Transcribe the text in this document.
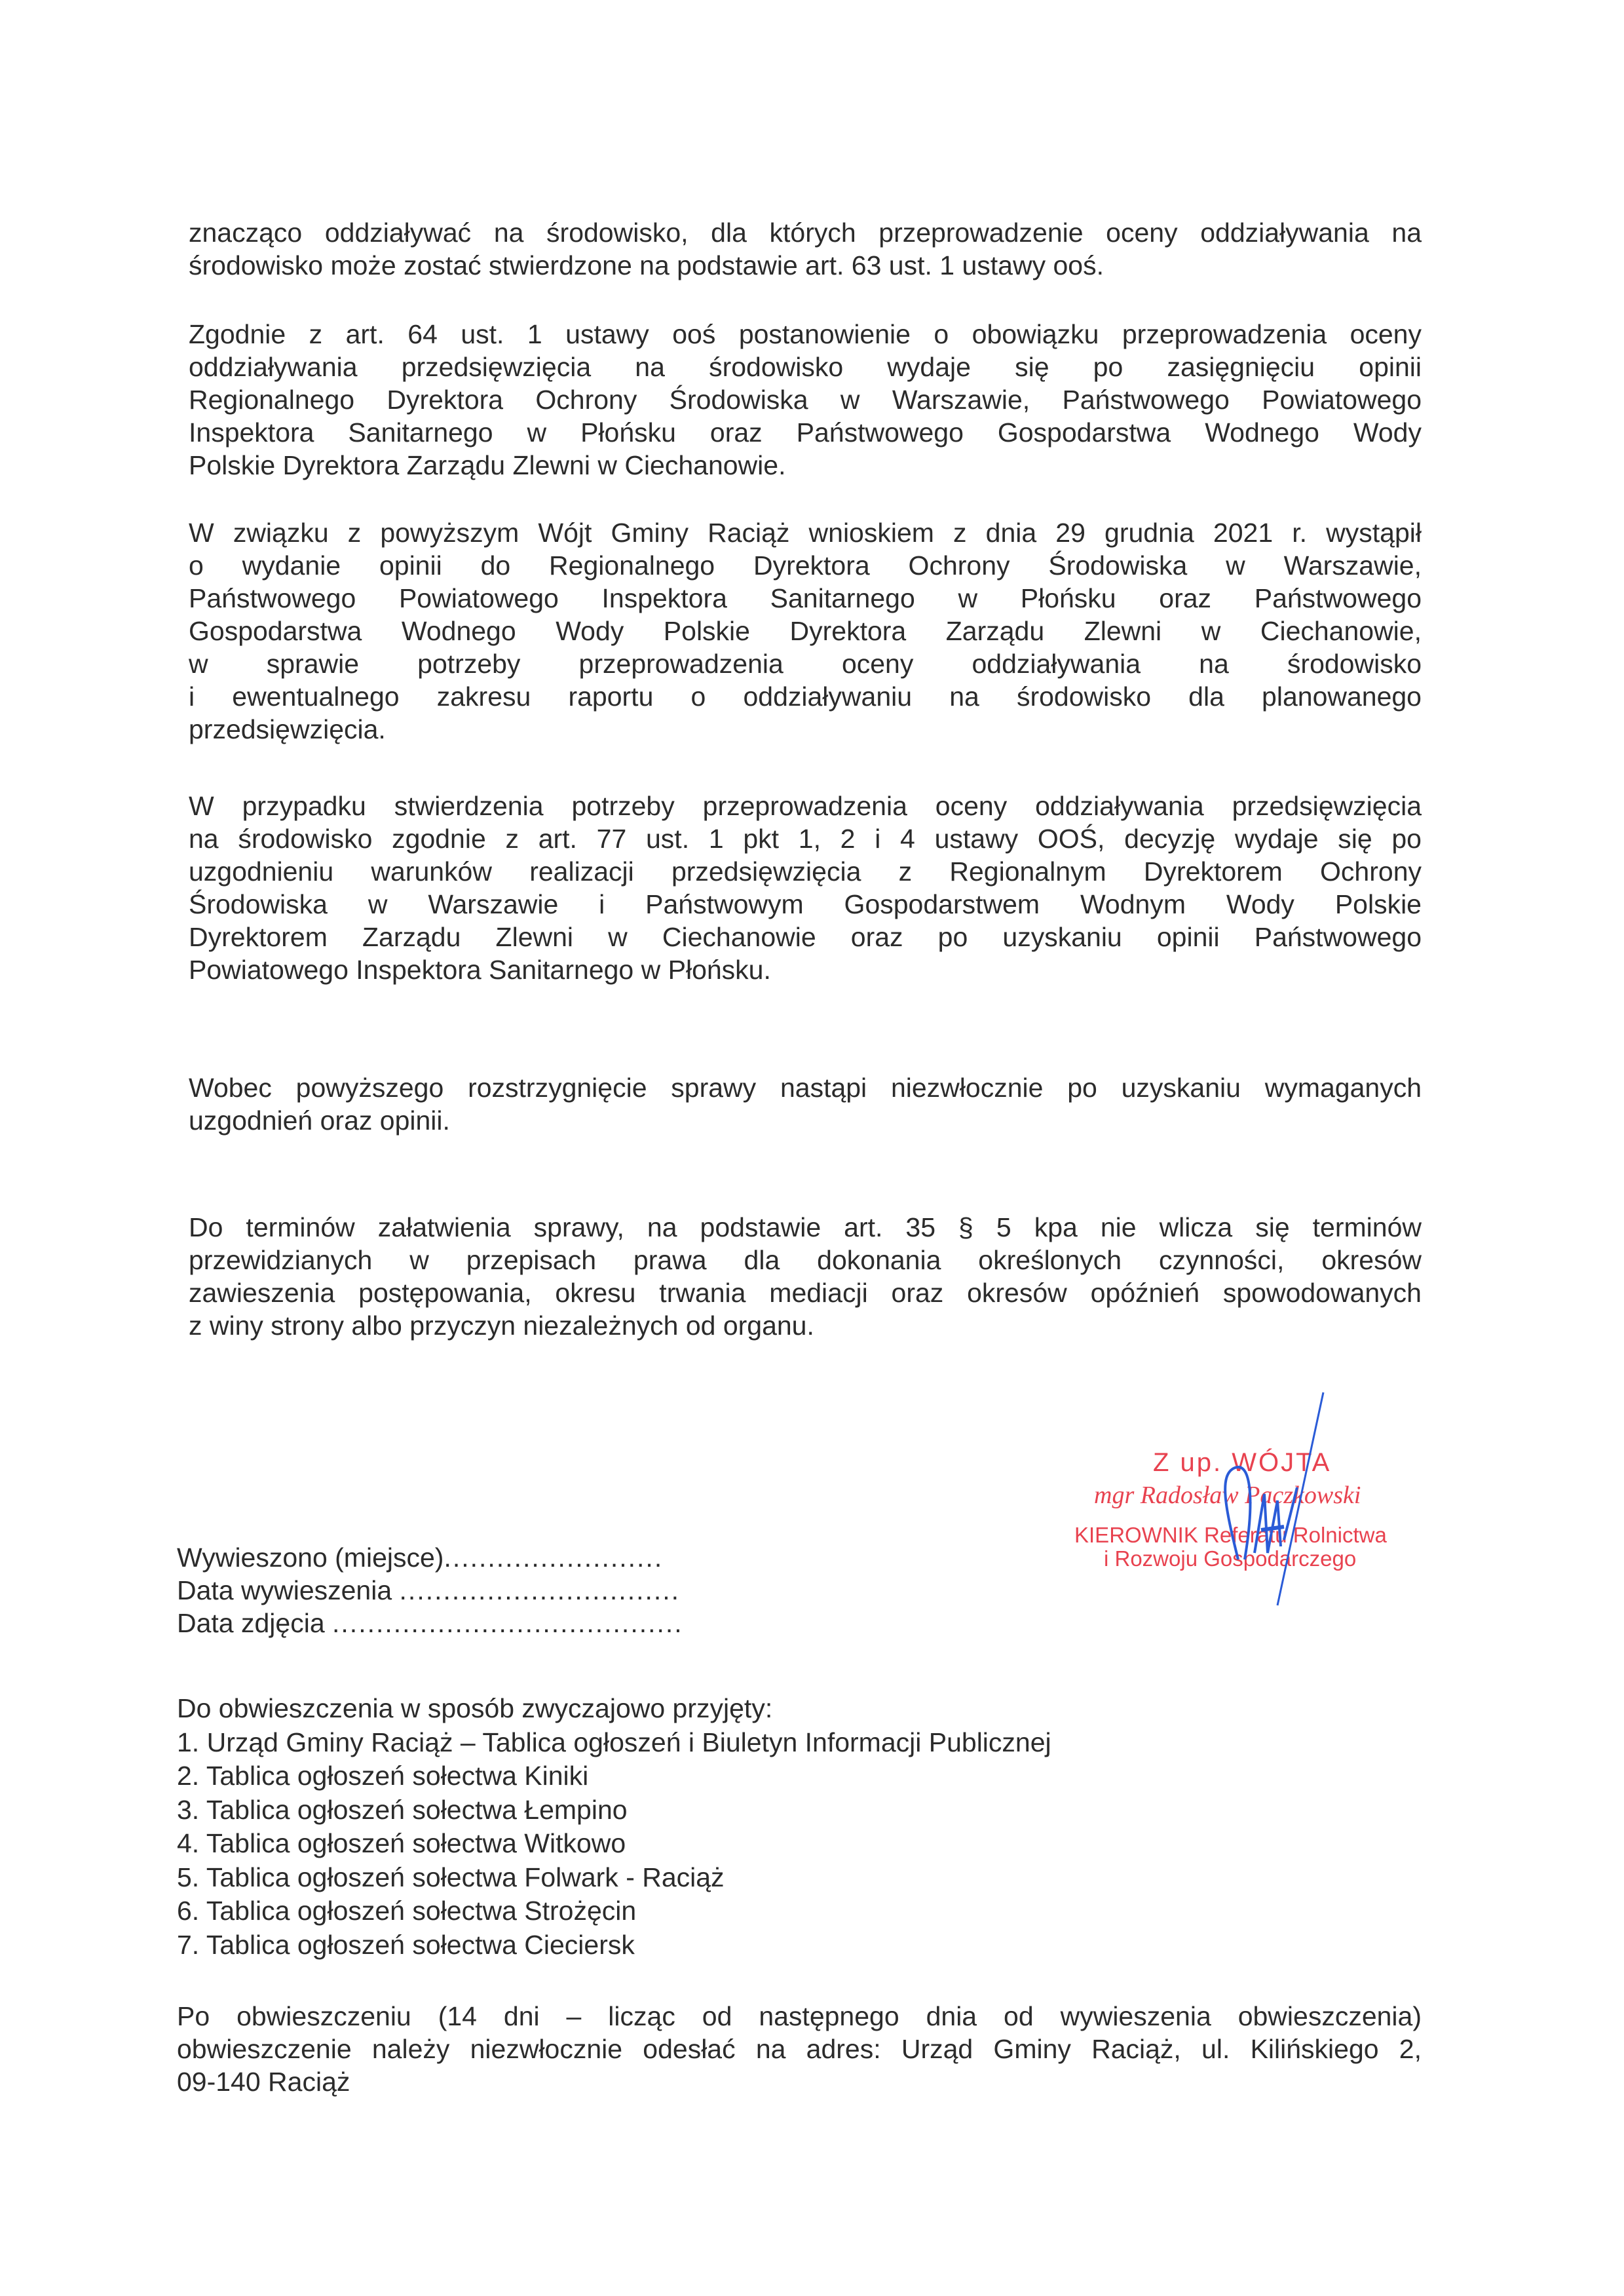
znacząco oddziaływać na środowisko, dla których przeprowadzenie oceny oddziaływania na
środowisko może zostać stwierdzone na podstawie art. 63 ust. 1 ustawy ooś.
Zgodnie z art. 64 ust. 1 ustawy ooś postanowienie o obowiązku przeprowadzenia oceny
oddziaływania przedsięwzięcia na środowisko wydaje się po zasięgnięciu opinii
Regionalnego Dyrektora Ochrony Środowiska w Warszawie, Państwowego Powiatowego
Inspektora Sanitarnego w Płońsku oraz Państwowego Gospodarstwa Wodnego Wody
Polskie Dyrektora Zarządu Zlewni w Ciechanowie.
W związku z powyższym Wójt Gminy Raciąż wnioskiem z dnia 29 grudnia 2021 r. wystąpił
o wydanie opinii do Regionalnego Dyrektora Ochrony Środowiska w Warszawie,
Państwowego Powiatowego Inspektora Sanitarnego w Płońsku oraz Państwowego
Gospodarstwa Wodnego Wody Polskie Dyrektora Zarządu Zlewni w Ciechanowie,
w sprawie potrzeby przeprowadzenia oceny oddziaływania na środowisko
i ewentualnego zakresu raportu o oddziaływaniu na środowisko dla planowanego
przedsięwzięcia.
W przypadku stwierdzenia potrzeby przeprowadzenia oceny oddziaływania przedsięwzięcia
na środowisko zgodnie z art. 77 ust. 1 pkt 1, 2 i 4 ustawy OOŚ, decyzję wydaje się po
uzgodnieniu warunków realizacji przedsięwzięcia z Regionalnym Dyrektorem Ochrony
Środowiska w Warszawie i Państwowym Gospodarstwem Wodnym Wody Polskie
Dyrektorem Zarządu Zlewni w Ciechanowie oraz po uzyskaniu opinii Państwowego
Powiatowego Inspektora Sanitarnego w Płońsku.
Wobec powyższego rozstrzygnięcie sprawy nastąpi niezwłocznie po uzyskaniu wymaganych
uzgodnień oraz opinii.
Do terminów załatwienia sprawy, na podstawie art. 35 § 5 kpa nie wlicza się terminów
przewidzianych w przepisach prawa dla dokonania określonych czynności, okresów
zawieszenia postępowania, okresu trwania mediacji oraz okresów opóźnień spowodowanych
z winy strony albo przyczyn niezależnych od organu.
Z up. WÓJTA
mgr Radosław Paczkowski
KIEROWNIK Referatu Rolnictwa
i Rozwoju Gospodarczego
Wywieszono (miejsce).........................
Data wywieszenia ................................
Data zdjęcia ........................................
Do obwieszczenia w sposób zwyczajowo przyjęty:
1. Urząd Gminy Raciąż – Tablica ogłoszeń i Biuletyn Informacji Publicznej
2. Tablica ogłoszeń sołectwa Kiniki
3. Tablica ogłoszeń sołectwa Łempino
4. Tablica ogłoszeń sołectwa Witkowo
5. Tablica ogłoszeń sołectwa Folwark - Raciąż
6. Tablica ogłoszeń sołectwa Strożęcin
7. Tablica ogłoszeń sołectwa Cieciersk
Po obwieszczeniu (14 dni – licząc od następnego dnia od wywieszenia obwieszczenia)
obwieszczenie należy niezwłocznie odesłać na adres: Urząd Gminy Raciąż, ul. Kilińskiego 2,
09-140 Raciąż
